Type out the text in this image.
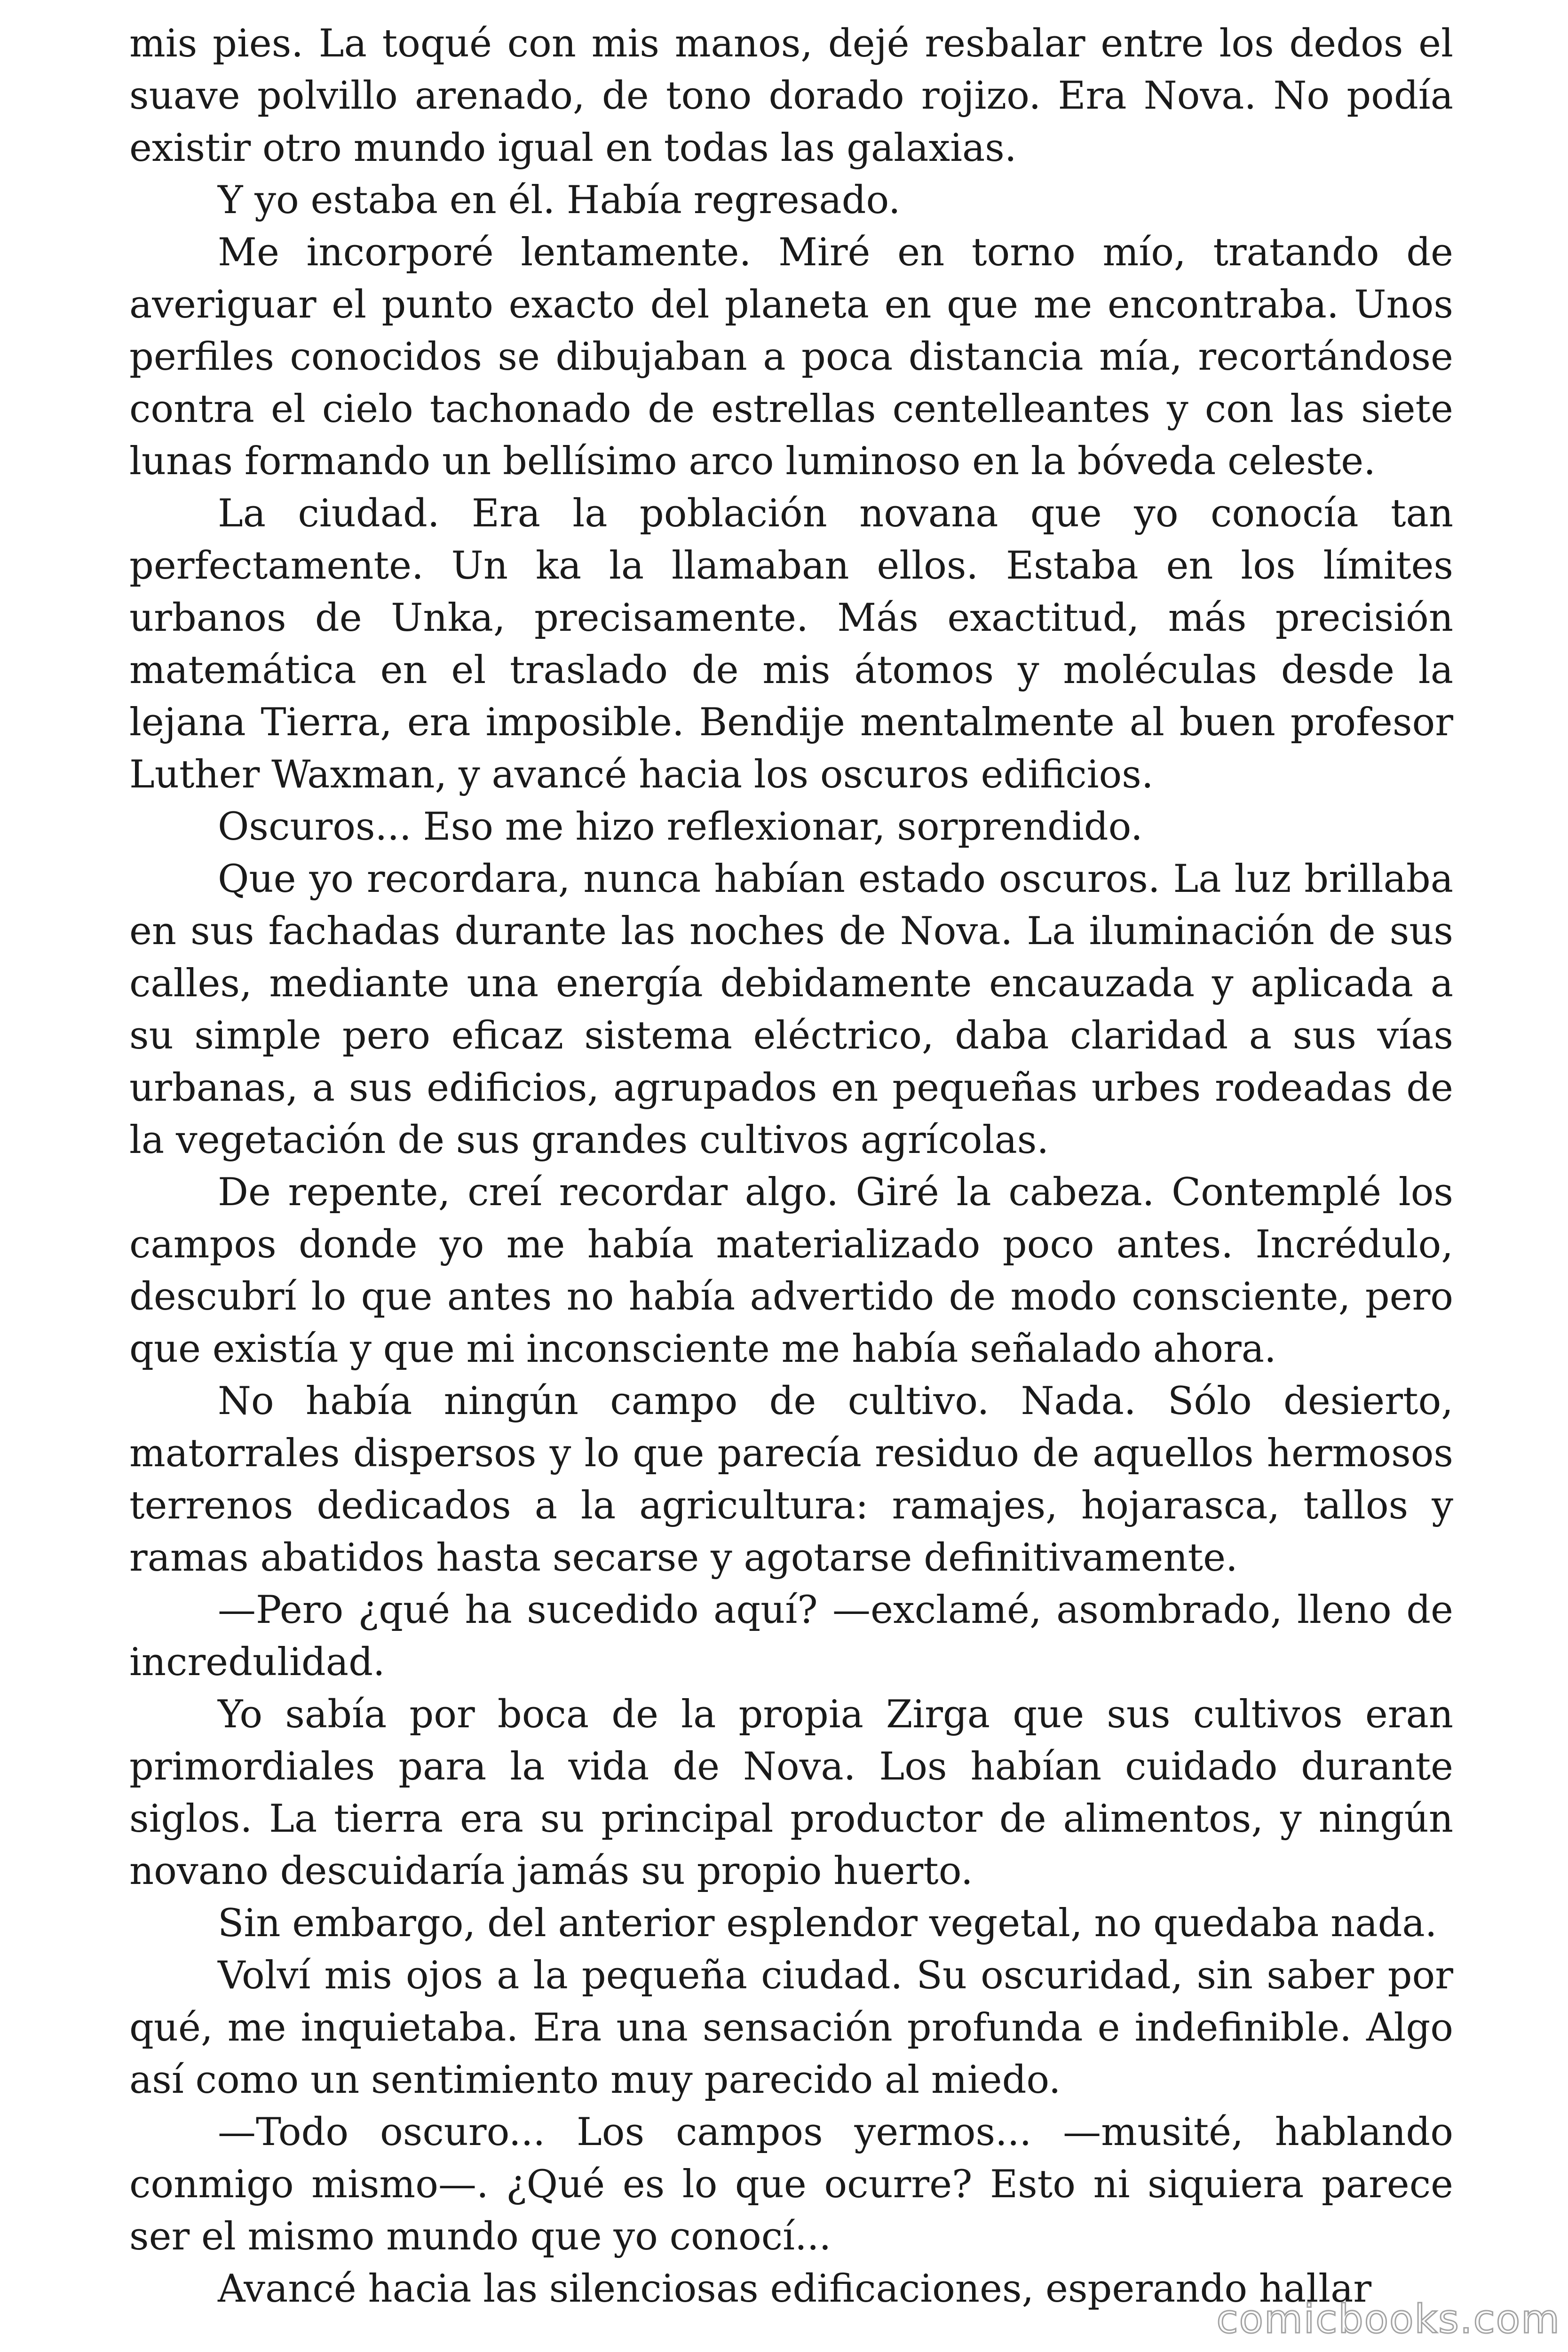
mis pies. La toqué con mis manos, dejé resbalar entre los dedos el suave polvillo arenado, de tono dorado rojizo. Era Nova. No podía existir otro mundo igual en todas las galaxias.

Y yo estaba en él. Había regresado.

Me incorporé lentamente. Miré en torno mío, tratando de averiguar el punto exacto del planeta en que me encontraba. Unos perfiles conocidos se dibujaban a poca distancia mía, recortándose contra el cielo tachonado de estrellas centelleantes y con las siete lunas formando un bellísimo arco luminoso en la bóveda celeste.

La ciudad. Era la población novana que yo conocía tan perfectamente. Un ka la llamaban ellos. Estaba en los límites urbanos de Unka, precisamente. Más exactitud, más precisión matemática en el traslado de mis átomos y moléculas desde la lejana Tierra, era imposible. Bendije mentalmente al buen profesor Luther Waxman, y avancé hacia los oscuros edificios.

Oscuros... Eso me hizo reflexionar, sorprendido.

Que yo recordara, nunca habían estado oscuros. La luz brillaba en sus fachadas durante las noches de Nova. La iluminación de sus calles, mediante una energía debidamente encauzada y aplicada a su simple pero eficaz sistema eléctrico, daba claridad a sus vías urbanas, a sus edificios, agrupados en pequeñas urbes rodeadas de la vegetación de sus grandes cultivos agrícolas.

De repente, creí recordar algo. Giré la cabeza. Contemplé los campos donde yo me había materializado poco antes. Incrédulo, descubrí lo que antes no había advertido de modo consciente, pero que existía y que mi inconsciente me había señalado ahora.

No había ningún campo de cultivo. Nada. Sólo desierto, matorrales dispersos y lo que parecía residuo de aquellos hermosos terrenos dedicados a la agricultura: ramajes, hojarasca, tallos y ramas abatidos hasta secarse y agotarse definitivamente.

—Pero ¿qué ha sucedido aquí? —exclamé, asombrado, lleno de incredulidad.

Yo sabía por boca de la propia Zirga que sus cultivos eran primordiales para la vida de Nova. Los habían cuidado durante siglos. La tierra era su principal productor de alimentos, y ningún novano descuidaría jamás su propio huerto.

Sin embargo, del anterior esplendor vegetal, no quedaba nada.

Volví mis ojos a la pequeña ciudad. Su oscuridad, sin saber por qué, me inquietaba. Era una sensación profunda e indefinible. Algo así como un sentimiento muy parecido al miedo.

—Todo oscuro... Los campos yermos... —musité, hablando conmigo mismo—. ¿Qué es lo que ocurre? Esto ni siquiera parece ser el mismo mundo que yo conocí...

Avancé hacia las silenciosas edificaciones, esperando hallar

comicbooks.com
